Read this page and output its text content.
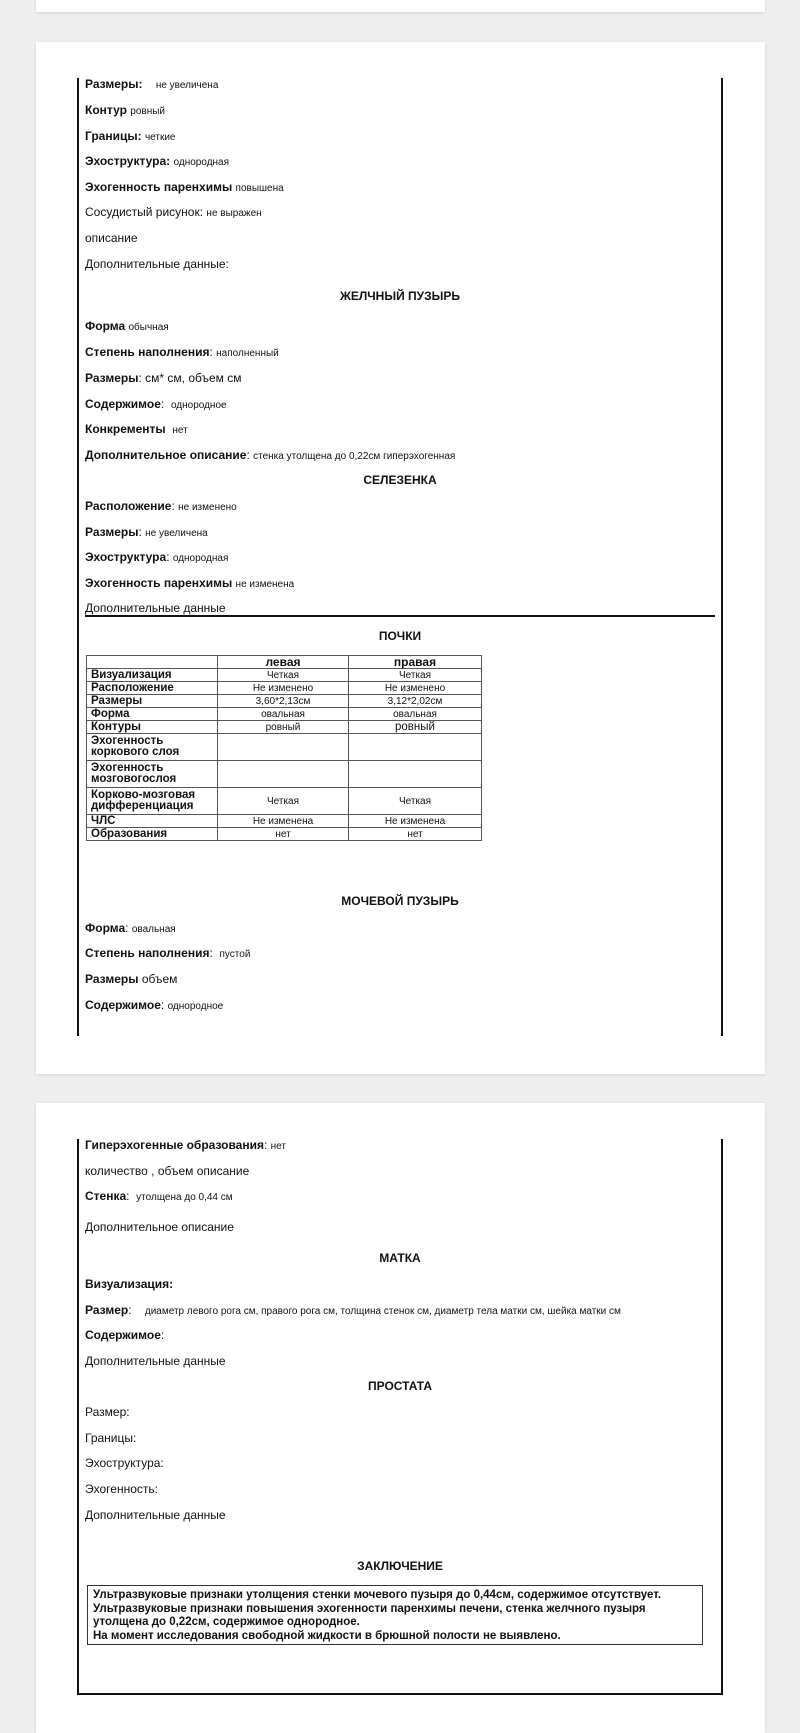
Размеры: не увеличена
Контур ровный
Границы: четкие
Эхоструктура: однородная
Эхогенность паренхимы повышена
Сосудистый рисунок: не выражен
описание
Дополнительные данные:
ЖЕЛЧНЫЙ ПУЗЫРЬ
Форма обычная
Степень наполнения: наполненный
Размеры: см* см, объем см
Содержимое:  однородное
Конкременты нет
Дополнительное описание: стенка утолщена до 0,22см гиперэхогенная
СЕЛЕЗЕНКА
Расположение: не изменено
Размеры: не увеличена
Эхоструктура: однородная
Эхогенность паренхимы не изменена
Дополнительные данные
ПОЧКИ
	левая	правая
Визуализация	Четкая	Четкая
Расположение	Не изменено	Не изменено
Размеры	3,60*2,13см	3,12*2,02см
Форма	овальная	овальная
Контуры	ровный	ровный
Эхогенность коркового слоя		
Эхогенность мозговогослоя		
Корково-мозговая дифференциация	Четкая	Четкая
ЧЛС	Не изменена	Не изменена
Образования	нет	нет
МОЧЕВОЙ ПУЗЫРЬ
Форма: овальная
Степень наполнения:  пустой
Размеры объем
Содержимое: однородное
Гиперэхогенные образования: нет
количество , объем описание
Стенка:  утолщена до 0,44 см
Дополнительное описание
МАТКА
Визуализация:
Размер:    диаметр левого рога см, правого рога см, толщина стенок см, диаметр тела матки см, шейка матки см
Содержимое:
Дополнительные данные
ПРОСТАТА
Размер:
Границы:
Эхоструктура:
Эхогенность:
Дополнительные данные
ЗАКЛЮЧЕНИЕ
Ультразвуковые признаки утолщения стенки мочевого пузыря до 0,44см, содержимое отсутствует.
Ультразвуковые признаки повышения эхогенности паренхимы печени, стенка желчного пузыря
утолщена до 0,22см, содержимое однородное.
На момент исследования свободной жидкости в брюшной полости не выявлено.
